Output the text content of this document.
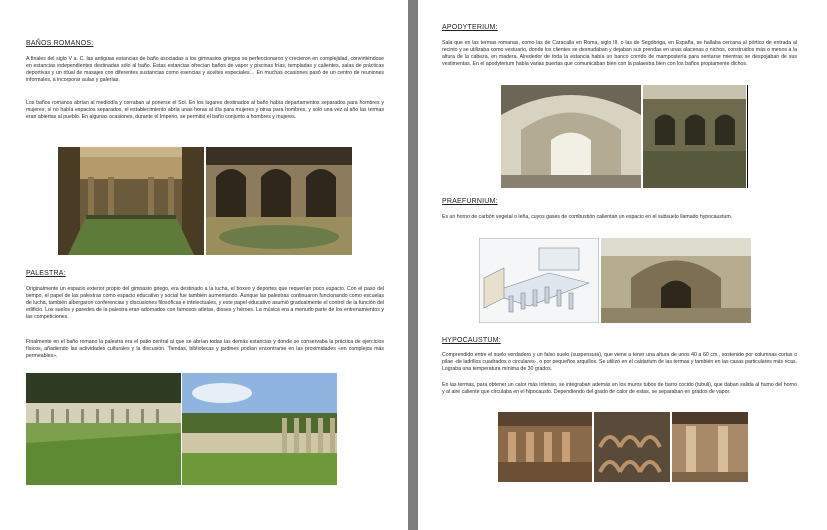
BAÑOS ROMANOS:
A finales del siglo V a. C. las antiguas estancias de baño asociadas a los gimnasios griegos se perfeccionaron y crecieron en complejidad, convirtiéndose en estancias independientes destinadas sólo al baño. Estas estancias ofrecían baños de vapor y piscinas frías, templadas y calientes, salas de prácticas deportivas y un ritual de masajes con diferentes sustancias como esencias y aceites especiales… En muchas ocasiones pasó de un centro de reuniones informales, a incorporar aulas y galerías.
Los baños romanos abrían al mediodía y cerraban al ponerse el Sol. En los lugares destinados al baño había departamentos separados para hombres y mujeres; si no había espacios separados, el establecimiento abría unas horas al día para mujeres y otras para hombres, y solo una vez al año las termas eran abiertas al pueblo. En algunas ocasiones, durante el Imperio, se permitió el baño conjunto a hombres y mujeres.
PALESTRA:
Originalmente un espacio exterior propio del gimnasio griego, era destinado a la lucha, el boxeo y deportes que requerían poco espacio. Con el paso del tiempo, el papel de las palestras como espacio educativo y social fue también aumentando. Aunque las palestras continuaron funcionando como escuelas de lucha, también albergaron conferencias y discusiones filosóficas e intelectuales, y este papel educativo asumió gradualmente el control de la función del edificio. Los suelos y paredes de la palestra eran adornados con famosos atletas, dioses y héroes. La música era a menudo parte de los entrenamientos y las competiciones.
Finalmente en el baño romano la palestra era el patio central al que se abrían todas las demás estancias y donde se conservaba la práctica de ejercicios físicos, añadiendo las actividades culturales y la discusión. Tiendas, bibliotecas y jardines podían encontrarse en las proximidades «en complejos más permeables».
APODYTERIUM:
Sala que en las termas romanas, como las de Caracalla en Roma, siglo III, o las de Segóbriga, en España, se hallaba cercana al pórtico de entrada al recinto y se utilizaba como vestuario, donde los clientes se desnudaban y dejaban sus prendas en unas alacenas o nichos, construidos más o menos a la altura de la cabeza, en madera. Alrededor de toda la estancia había un banco corrido de mampostería para sentarse mientras se despojaban de sus vestimentas. En el apodyterium había varias puertas que comunicaban bien con la palaestra bien con los baños propiamente dichos.
PRAEFURNIUM:
Es un horno de carbón vegetal o leña, cuyos gases de combustión calientan un espacio en el subsuelo llamado hypocaustum.
HYPOCAUSTUM:
Comprendido entre el suelo verdadero y un falso suelo (suspensura), que viene a tener una altura de unos 40 a 60 cm., sostenido por columnas cortas o pilae -de ladrillos cuadrados o circulares-, o por pequeños arquillos. Se utilizó en el caldarium de las termas y también en las casas particulares más ricas. Lograba una temperatura mínima de 30 grados.
En las termas, para obtener un calor más intenso, se integraban además en los muros tubos de barro cocido (tubuli), que daban salida al humo del horno y al aire caliente que circulaba en el hipocausto. Dependiendo del grado de calor de estas, se separaban en grados de vapor.
